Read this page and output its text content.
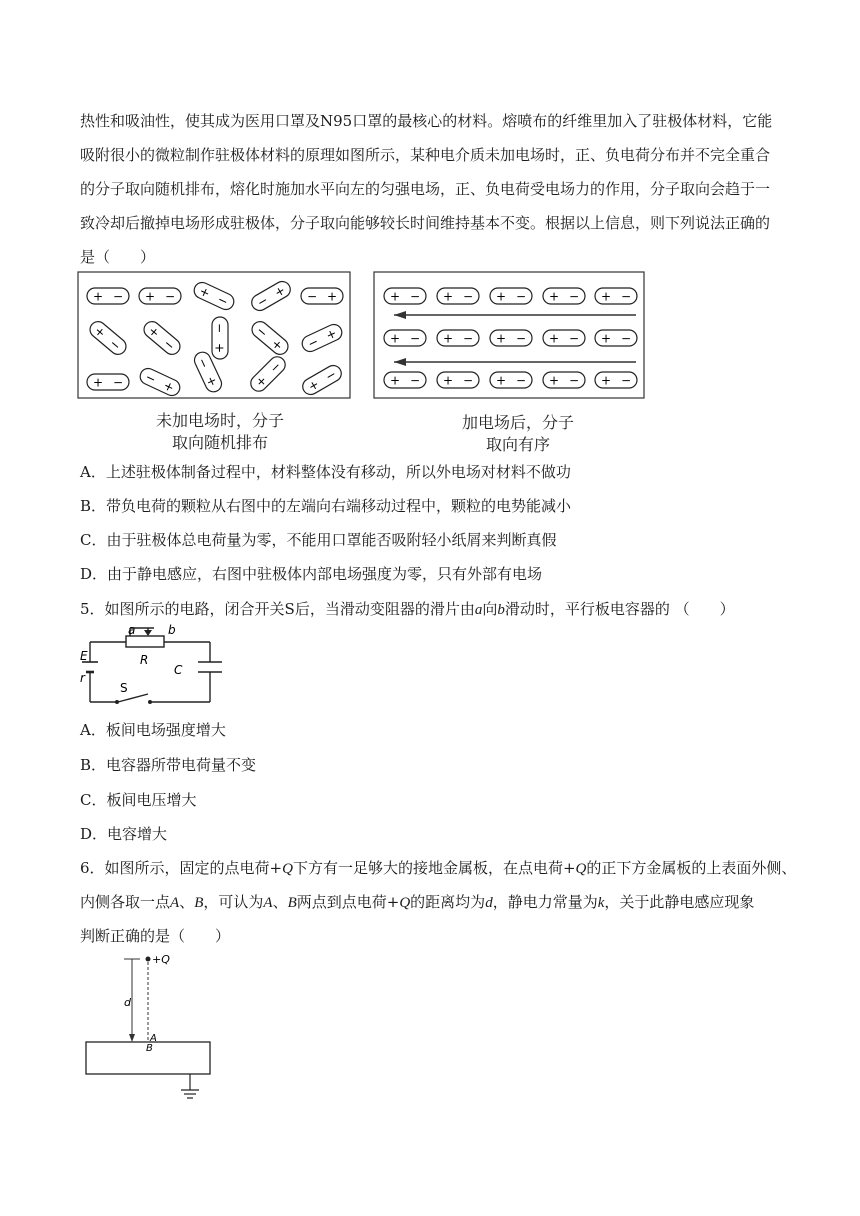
热性和吸油性，使其成为医用口罩及N95口罩的最核心的材料。熔喷布的纤维里加入了驻极体材料，它能
吸附很小的微粒制作驻极体材料的原理如图所示，某种电介质未加电场时，正、负电荷分布并不完全重合
的分子取向随机排布，熔化时施加水平向左的匀强电场，正、负电荷受电场力的作用，分子取向会趋于一
致冷却后撤掉电场形成驻极体，分子取向能够较长时间维持基本不变。根据以上信息，则下列说法正确的
是（　　）
+ − + − + − −
+ − +
+
−
+
−
−
+
−
+ − +
+ − − +
−
+	+
−
+
−
+ − + − + − + − + −
+ − + − + − + − + −
+ − + − + − + − + −
未加电场时，分子
取向随机排布
加电场后，分子
取向有序
A．上述驻极体制备过程中，材料整体没有移动，所以外电场对材料不做功
B．带负电荷的颗粒从右图中的左端向右端移动过程中，颗粒的电势能减小
C．由于驻极体总电荷量为零，不能用口罩能否吸附轻小纸屑来判断真假
D．由于静电感应，右图中驻极体内部电场强度为零，只有外部有电场
5．如图所示的电路，闭合开关S后，当滑动变阻器的滑片由a向b滑动时，平行板电容器的 （　　）
a	b
R
E
r
C
S
A．板间电场强度增大
B．电容器所带电荷量不变
C．板间电压增大
D．电容增大
6．如图所示，固定的点电荷+Q下方有一足够大的接地金属板，在点电荷+Q的正下方金属板的上表面外侧、
内侧各取一点A、B，可认为A、B两点到点电荷+Q的距离均为d，静电力常量为k，关于此静电感应现象
判断正确的是（　　）
+Q
d
A
B
